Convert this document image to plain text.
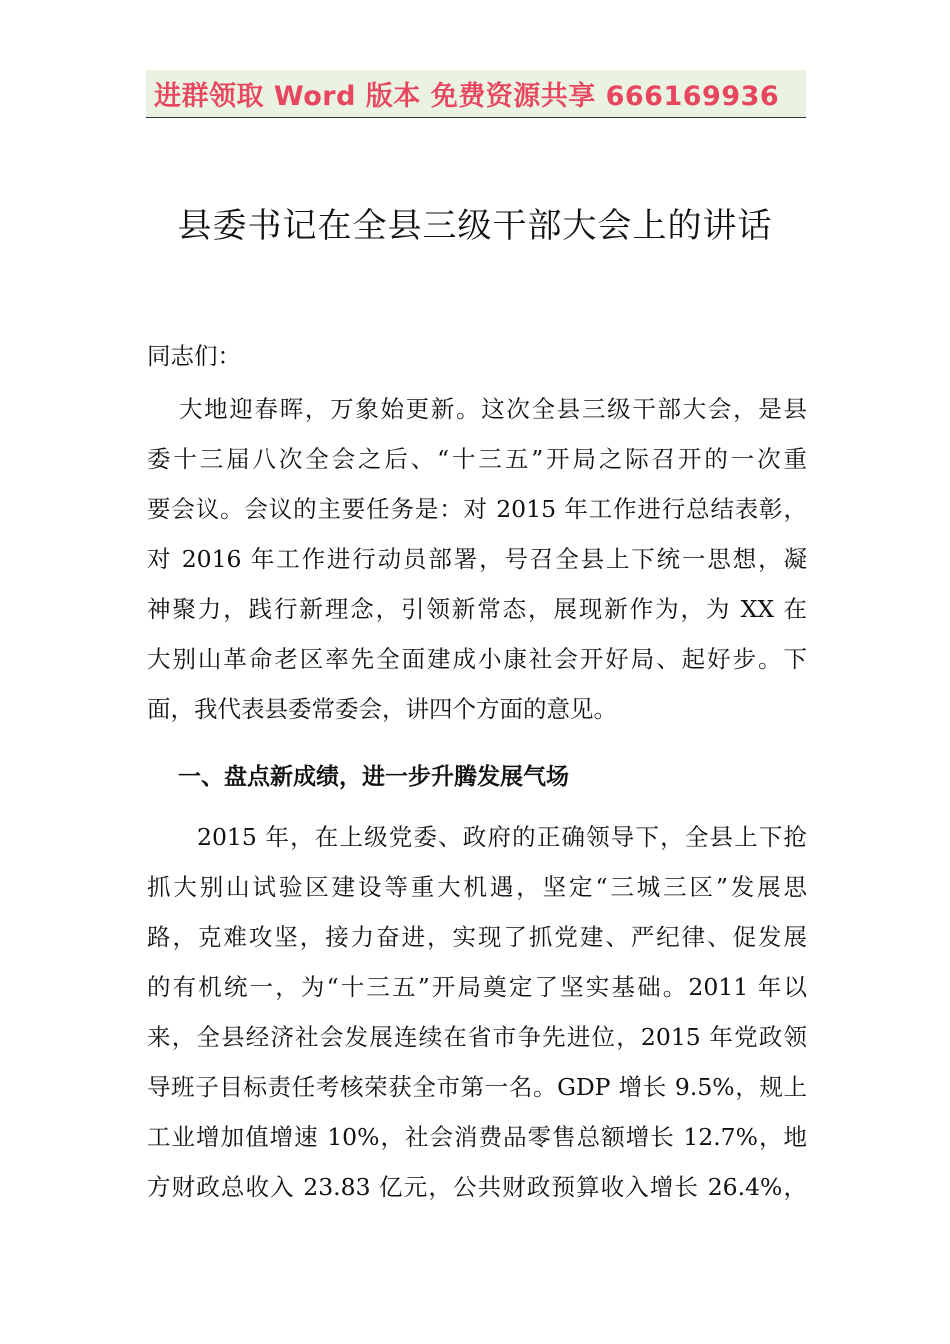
进群领取 Word 版本 免费资源共享 666169936
县委书记在全县三级干部大会上的讲话
同志们：
大地迎春晖，万象始更新。这次全县三级干部大会，是县
委十三届八次全会之后、“十三五”开局之际召开的一次重
要会议。会议的主要任务是：对 2015 年工作进行总结表彰，
对 2016 年工作进行动员部署，号召全县上下统一思想，凝
神聚力，践行新理念，引领新常态，展现新作为，为 XX 在
大别山革命老区率先全面建成小康社会开好局、起好步。下
面，我代表县委常委会，讲四个方面的意见。
一、盘点新成绩，进一步升腾发展气场
2015 年，在上级党委、政府的正确领导下，全县上下抢
抓大别山试验区建设等重大机遇，坚定“三城三区”发展思
路，克难攻坚，接力奋进，实现了抓党建、严纪律、促发展
的有机统一，为“十三五”开局奠定了坚实基础。2011 年以
来，全县经济社会发展连续在省市争先进位，2015 年党政领
导班子目标责任考核荣获全市第一名。GDP 增长 9.5%，规上
工业增加值增速 10%，社会消费品零售总额增长 12.7%，地
方财政总收入 23.83 亿元，公共财政预算收入增长 26.4%，
